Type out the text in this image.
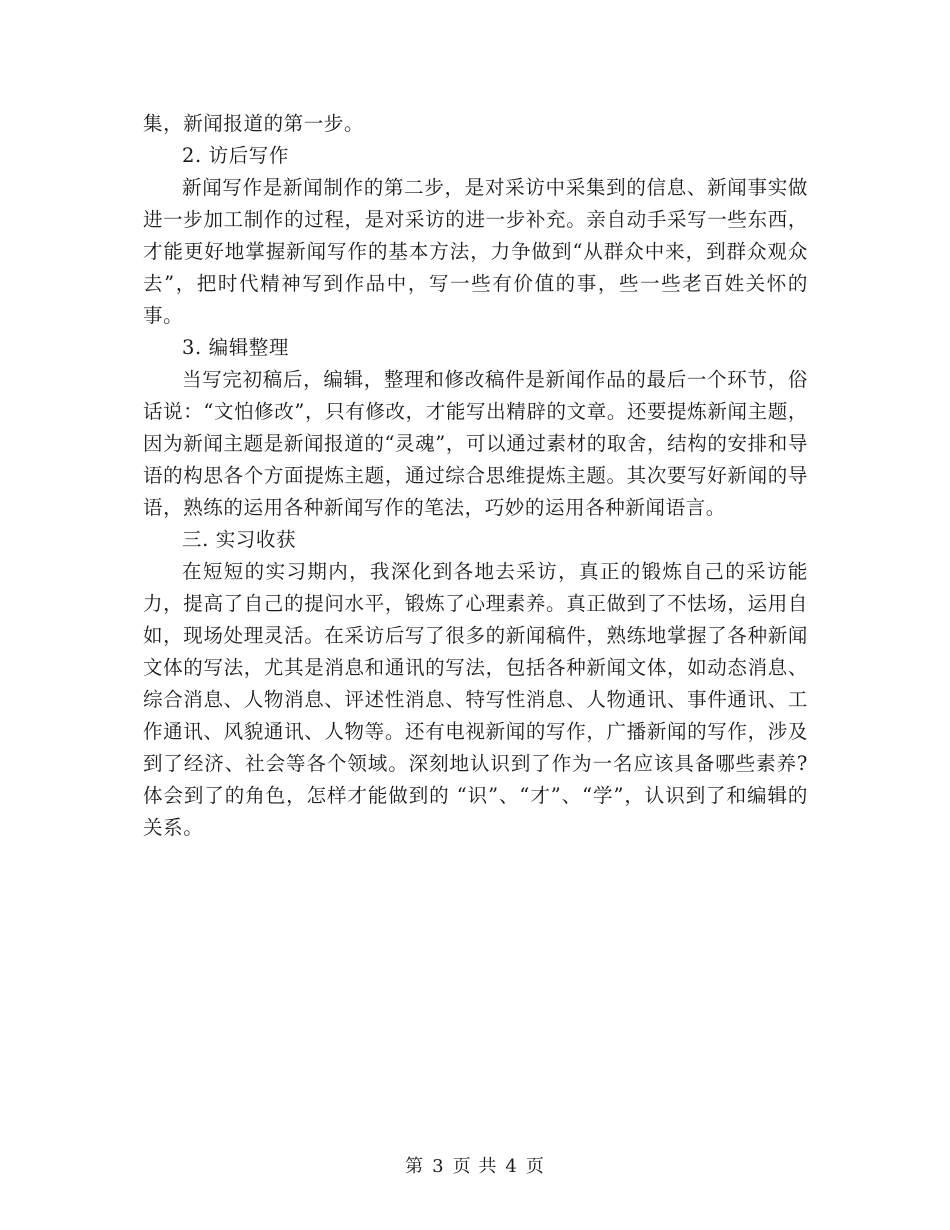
集，新闻报道的第一步。

2. 访后写作

新闻写作是新闻制作的第二步，是对采访中采集到的信息、新闻事实做进一步加工制作的过程，是对采访的进一步补充。亲自动手采写一些东西，才能更好地掌握新闻写作的基本方法，力争做到“从群众中来，到群众观众去”，把时代精神写到作品中，写一些有价值的事，些一些老百姓关怀的事。

3. 编辑整理

当写完初稿后，编辑，整理和修改稿件是新闻作品的最后一个环节，俗话说：“文怕修改”，只有修改，才能写出精辟的文章。还要提炼新闻主题，因为新闻主题是新闻报道的“灵魂”，可以通过素材的取舍，结构的安排和导语的构思各个方面提炼主题，通过综合思维提炼主题。其次要写好新闻的导语，熟练的运用各种新闻写作的笔法，巧妙的运用各种新闻语言。

三. 实习收获

在短短的实习期内，我深化到各地去采访，真正的锻炼自己的采访能力，提高了自己的提问水平，锻炼了心理素养。真正做到了不怯场，运用自如，现场处理灵活。在采访后写了很多的新闻稿件，熟练地掌握了各种新闻文体的写法，尤其是消息和通讯的写法，包括各种新闻文体，如动态消息、综合消息、人物消息、评述性消息、特写性消息、人物通讯、事件通讯、工作通讯、风貌通讯、人物等。还有电视新闻的写作，广播新闻的写作，涉及到了经济、社会等各个领域。深刻地认识到了作为一名应该具备哪些素养?体会到了的角色，怎样才能做到的 “识”、“才”、“学”，认识到了和编辑的关系。

第 3 页 共 4 页
